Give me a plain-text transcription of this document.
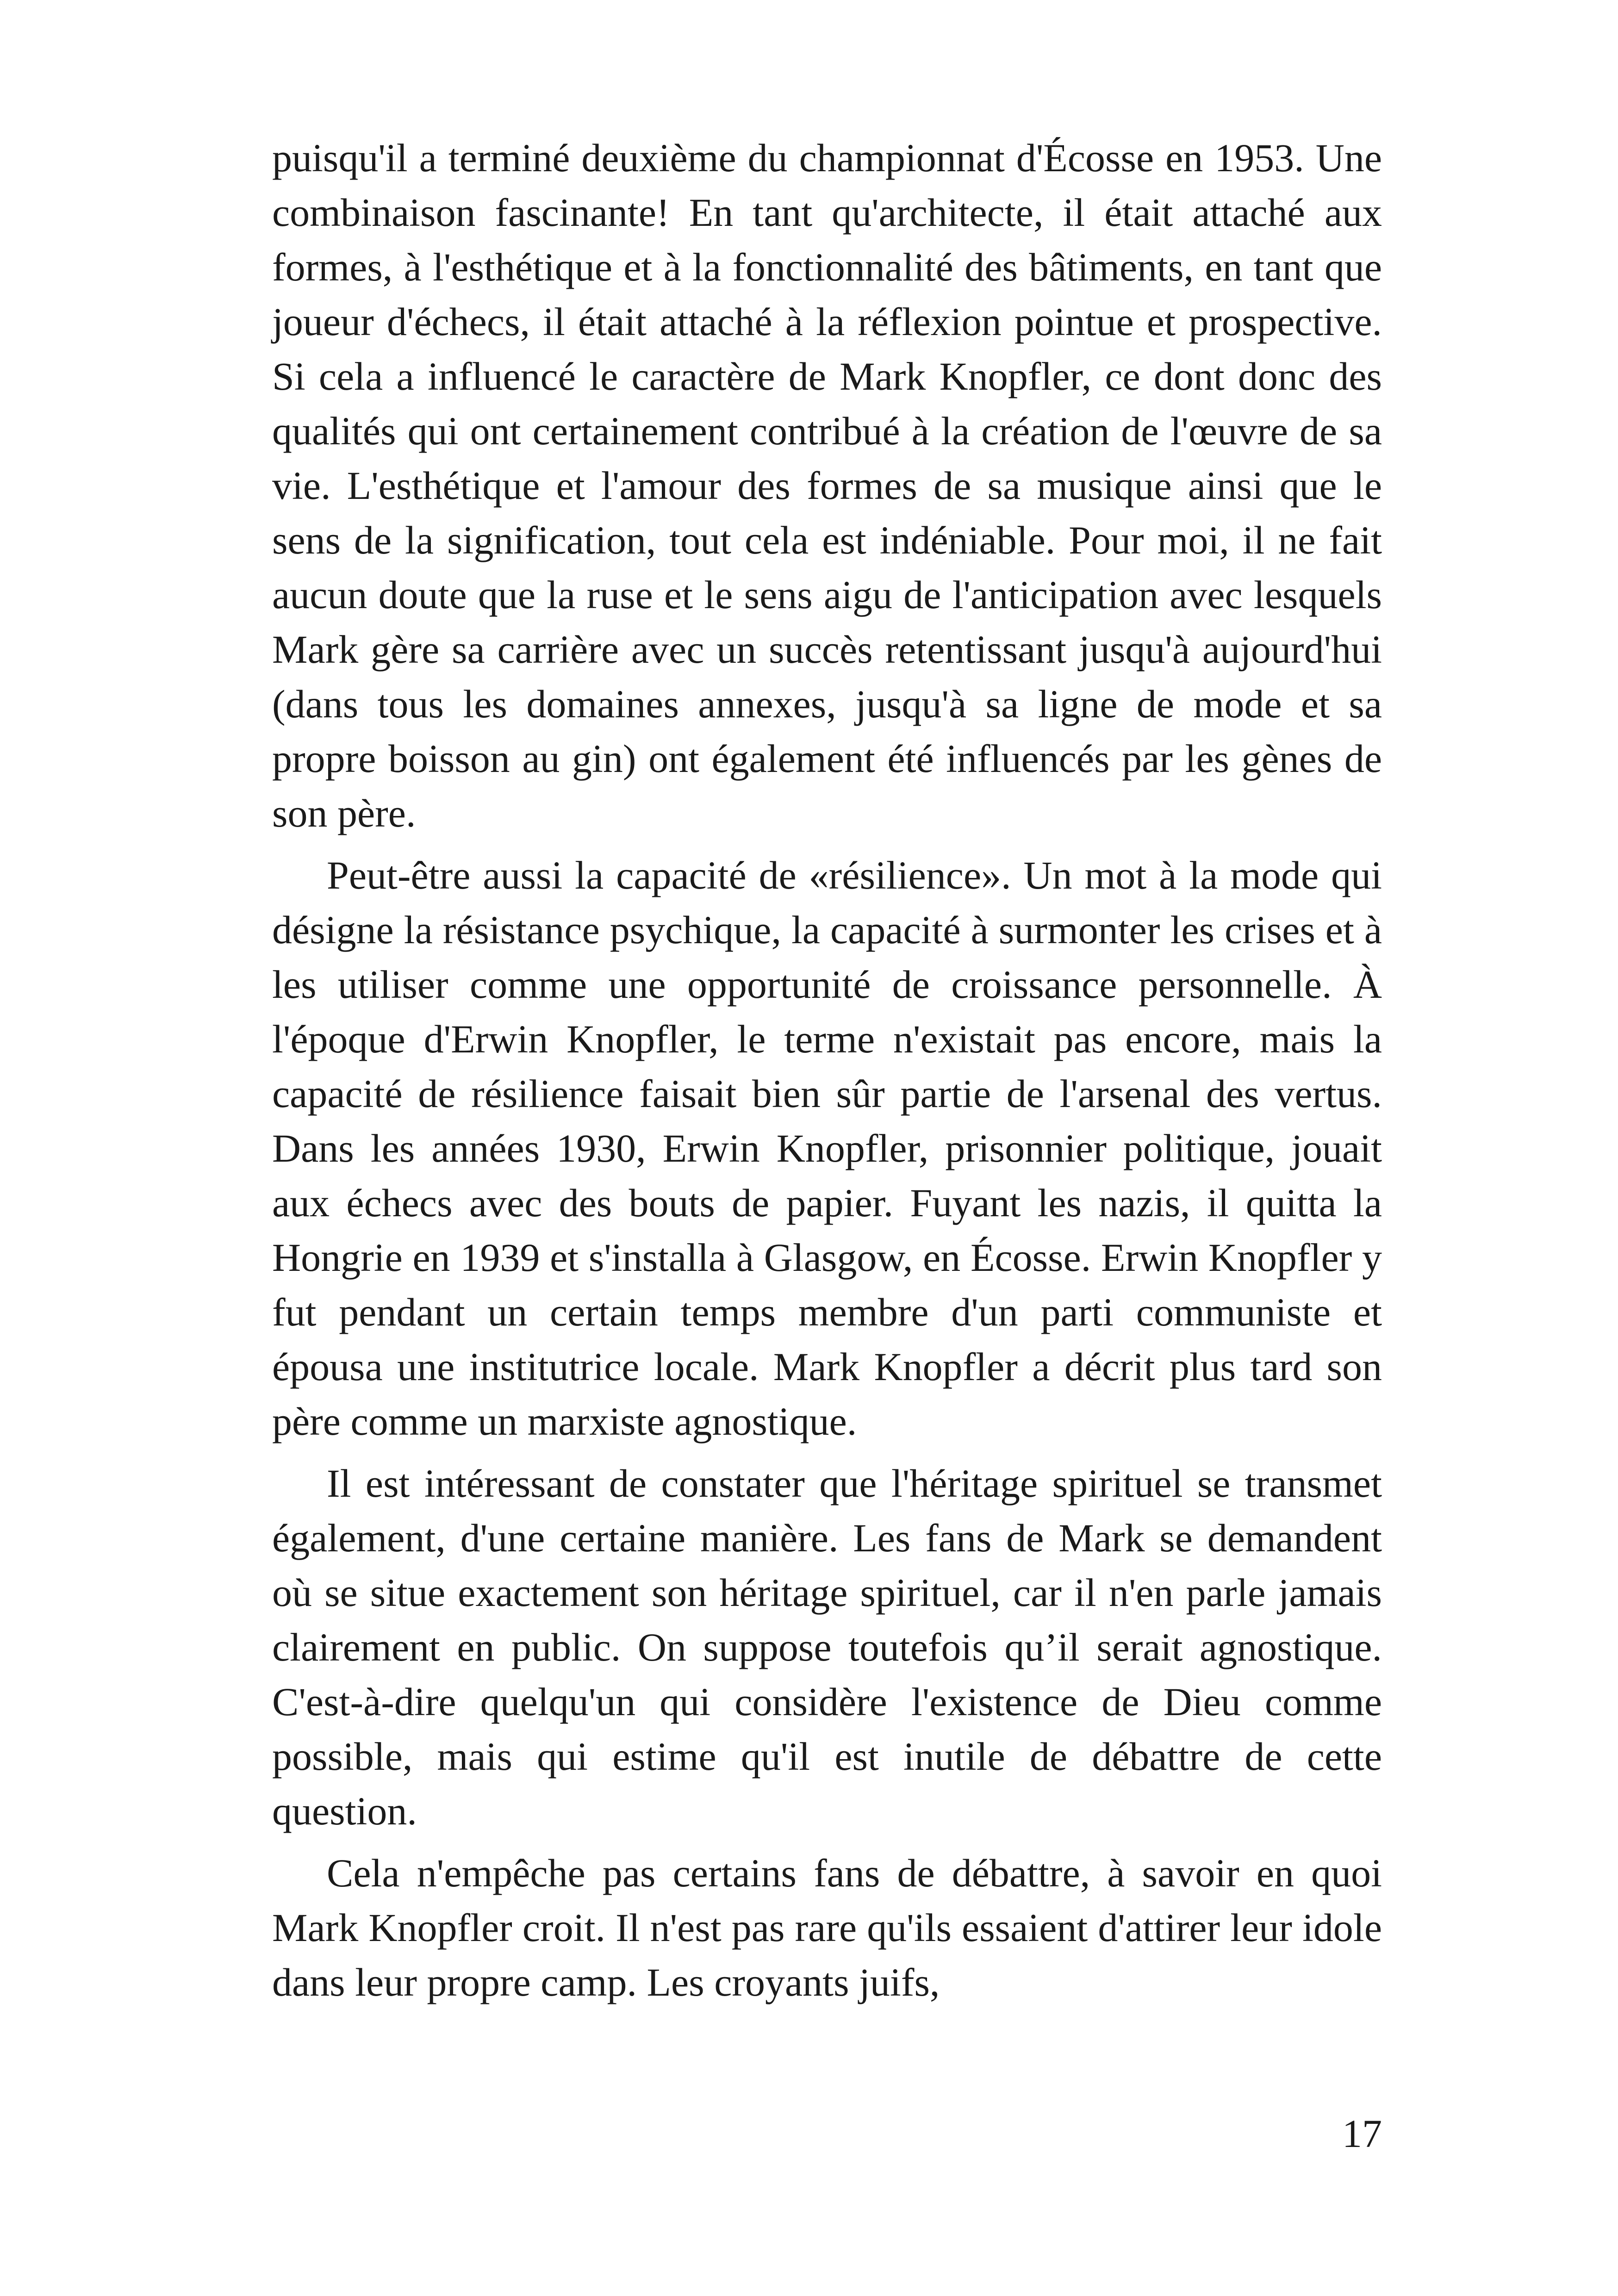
puisqu'il a terminé deuxième du championnat d'Écosse en 1953. Une combinaison fascinante! En tant qu'architecte, il était attaché aux formes, à l'esthétique et à la fonctionnalité des bâtiments, en tant que joueur d'échecs, il était attaché à la réflexion pointue et prospective. Si cela a influencé le caractère de Mark Knopfler, ce dont donc des qualités qui ont certainement contribué à la création de l'œuvre de sa vie. L'esthétique et l'amour des formes de sa musique ainsi que le sens de la signification, tout cela est indéniable. Pour moi, il ne fait aucun doute que la ruse et le sens aigu de l'anticipation avec lesquels Mark gère sa carrière avec un succès retentissant jusqu'à aujourd'hui (dans tous les domaines annexes, jusqu'à sa ligne de mode et sa propre boisson au gin) ont également été influencés par les gènes de son père.

Peut-être aussi la capacité de «résilience». Un mot à la mode qui désigne la résistance psychique, la capacité à surmonter les crises et à les utiliser comme une opportunité de croissance personnelle. À l'époque d'Erwin Knopfler, le terme n'existait pas encore, mais la capacité de résilience faisait bien sûr partie de l'arsenal des vertus. Dans les années 1930, Erwin Knopfler, prisonnier politique, jouait aux échecs avec des bouts de papier. Fuyant les nazis, il quitta la Hongrie en 1939 et s'installa à Glasgow, en Écosse. Erwin Knopfler y fut pendant un certain temps membre d'un parti communiste et épousa une institutrice locale. Mark Knopfler a décrit plus tard son père comme un marxiste agnostique.

Il est intéressant de constater que l'héritage spirituel se transmet également, d'une certaine manière. Les fans de Mark se demandent où se situe exactement son héritage spirituel, car il n'en parle jamais clairement en public. On suppose toutefois qu’il serait agnostique. C'est-à-dire quelqu'un qui considère l'existence de Dieu comme possible, mais qui estime qu'il est inutile de débattre de cette question.

Cela n'empêche pas certains fans de débattre, à savoir en quoi Mark Knopfler croit. Il n'est pas rare qu'ils essaient d'attirer leur idole dans leur propre camp. Les croyants juifs,

17
